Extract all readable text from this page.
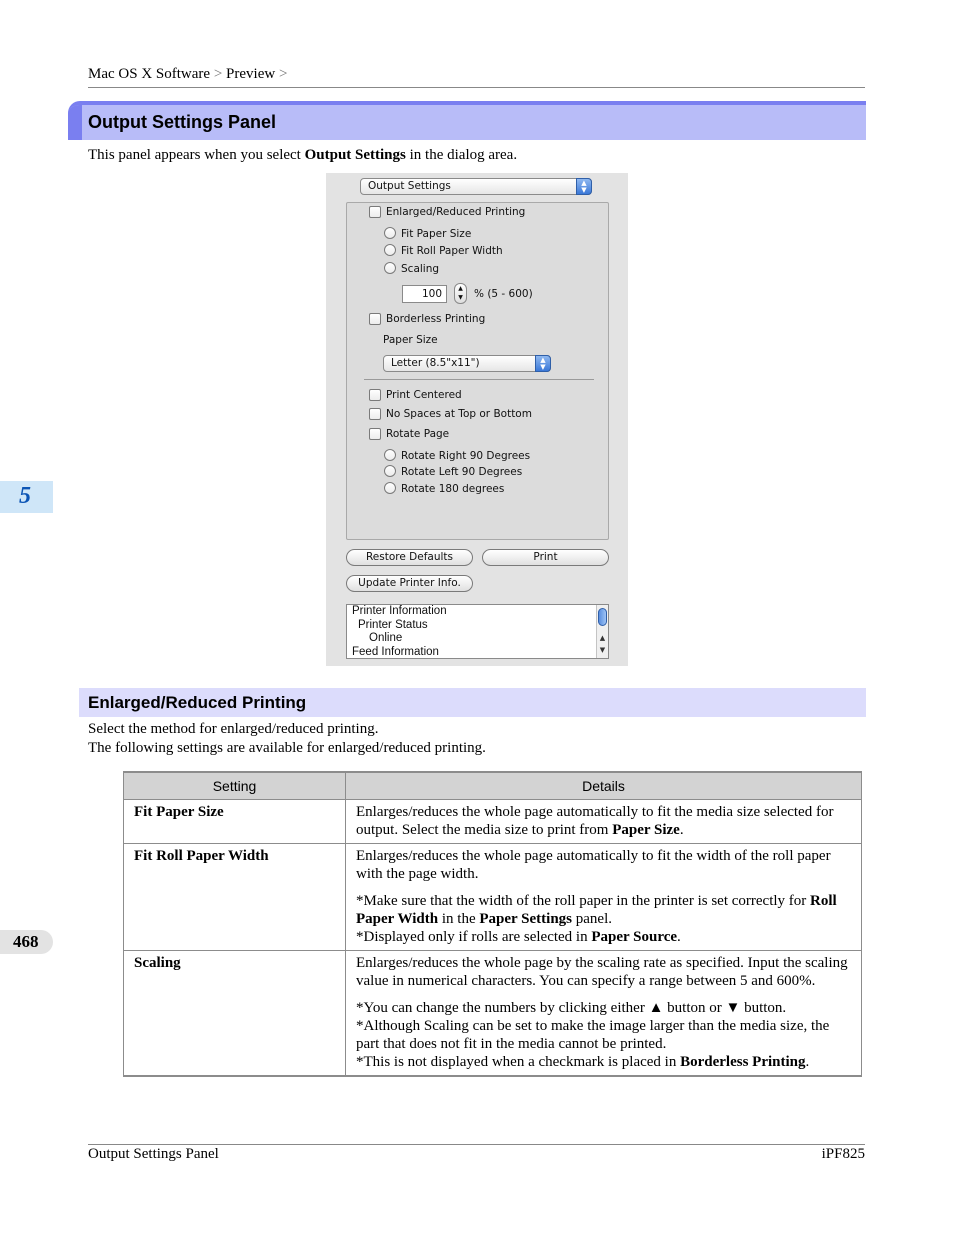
Mac OS X Software > Preview >
Output Settings Panel
This panel appears when you select Output Settings in the dialog area.
Output Settings	▲
▼
Enlarged/Reduced Printing
Fit Paper Size
Fit Roll Paper Width
Scaling
100	▲
▼	% (5 - 600)
Borderless Printing
Paper Size
Letter (8.5"x11")	▲
▼
Print Centered
No Spaces at Top or Bottom
Rotate Page
Rotate Right 90 Degrees
Rotate Left 90 Degrees
Rotate 180 degrees
Restore Defaults	Print
Update Printer Info.
Printer Information
Printer Status
Online
Feed Information
▲
▼
Enlarged/Reduced Printing
Select the method for enlarged/reduced printing.
The following settings are available for enlarged/reduced printing.
Setting	Details
Fit Paper Size	Enlarges/reduces the whole page automatically to fit the media size selected for output. Select the media size to print from Paper Size.

Fit Roll Paper Width	Enlarges/reduces the whole page automatically to fit the width of the roll paper with the page width.

*Make sure that the width of the roll paper in the printer is set correctly for Roll Paper Width in the Paper Settings panel.
*Displayed only if rolls are selected in Paper Source.

Scaling	Enlarges/reduces the whole page by the scaling rate as specified. Input the scaling value in numerical characters. You can specify a range between 5 and 600%.

*You can change the numbers by clicking either ▲ button or ▼ button.
*Although Scaling can be set to make the image larger than the media size, the part that does not fit in the media cannot be printed.
*This is not displayed when a checkmark is placed in Borderless Printing.

5
468
Output Settings Panel	iPF825
